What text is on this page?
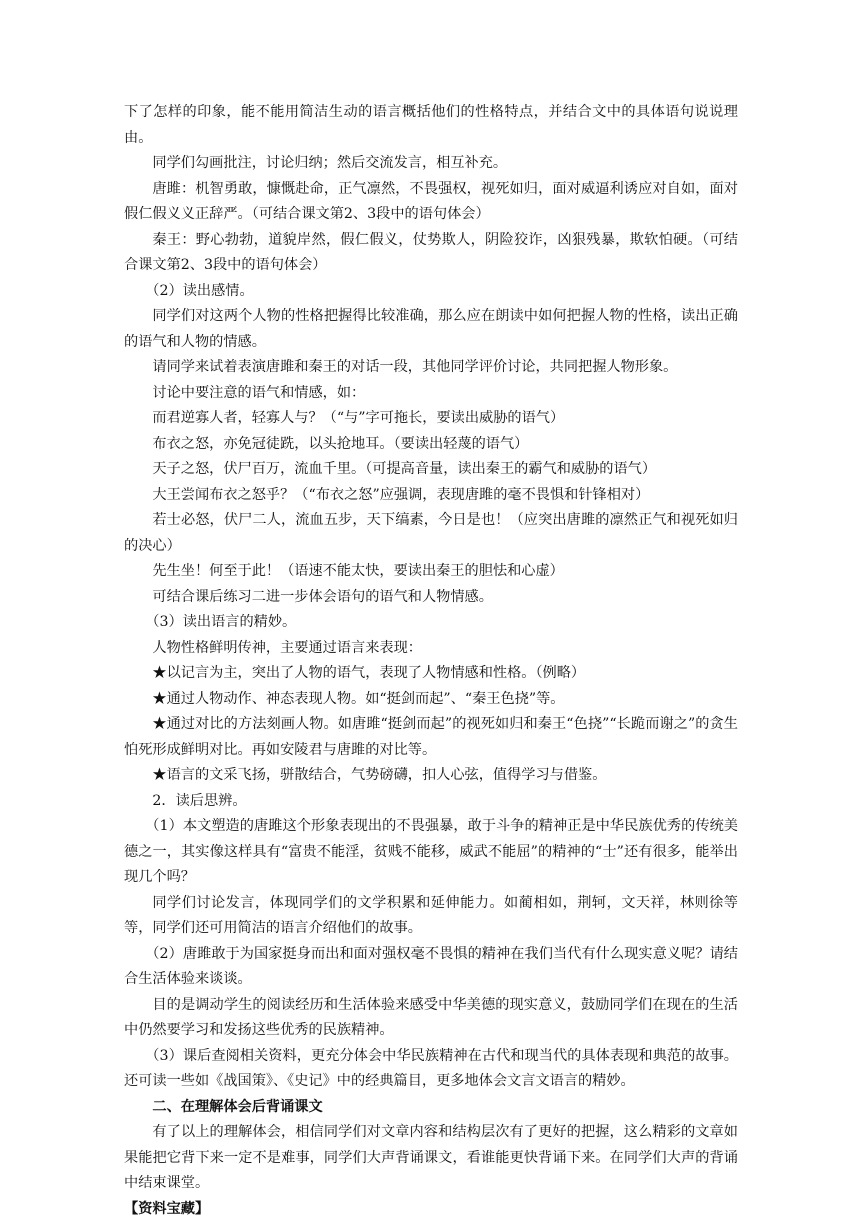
下了怎样的印象，能不能用简洁生动的语言概括他们的性格特点，并结合文中的具体语句说说理由。

同学们勾画批注，讨论归纳；然后交流发言，相互补充。

唐雎：机智勇敢，慷慨赴命，正气凛然，不畏强权，视死如归，面对威逼利诱应对自如，面对假仁假义义正辞严。（可结合课文第2、3段中的语句体会）

秦王：野心勃勃，道貌岸然，假仁假义，仗势欺人，阴险狡诈，凶狠残暴，欺软怕硬。（可结合课文第2、3段中的语句体会）

（2）读出感情。

同学们对这两个人物的性格把握得比较准确，那么应在朗读中如何把握人物的性格，读出正确的语气和人物的情感。

请同学来试着表演唐雎和秦王的对话一段，其他同学评价讨论，共同把握人物形象。

讨论中要注意的语气和情感，如：

而君逆寡人者，轻寡人与？（“与”字可拖长，要读出威胁的语气）

布衣之怒，亦免冠徒跣，以头抢地耳。（要读出轻蔑的语气）

天子之怒，伏尸百万，流血千里。（可提高音量，读出秦王的霸气和威胁的语气）

大王尝闻布衣之怒乎？（“布衣之怒”应强调，表现唐雎的毫不畏惧和针锋相对）

若士必怒，伏尸二人，流血五步，天下缟素，今日是也！（应突出唐雎的凛然正气和视死如归的决心）

先生坐！何至于此！（语速不能太快，要读出秦王的胆怯和心虚）

可结合课后练习二进一步体会语句的语气和人物情感。

（3）读出语言的精妙。

人物性格鲜明传神，主要通过语言来表现：

★以记言为主，突出了人物的语气，表现了人物情感和性格。（例略）

★通过人物动作、神态表现人物。如“挺剑而起”、“秦王色挠”等。

★通过对比的方法刻画人物。如唐雎“挺剑而起”的视死如归和秦王“色挠”“长跪而谢之”的贪生怕死形成鲜明对比。再如安陵君与唐雎的对比等。

★语言的文采飞扬，骈散结合，气势磅礴，扣人心弦，值得学习与借鉴。

2．读后思辨。

（1）本文塑造的唐雎这个形象表现出的不畏强暴，敢于斗争的精神正是中华民族优秀的传统美德之一，其实像这样具有“富贵不能淫，贫贱不能移，威武不能屈”的精神的“士”还有很多，能举出现几个吗？

同学们讨论发言，体现同学们的文学积累和延伸能力。如蔺相如，荆轲，文天祥，林则徐等等，同学们还可用简洁的语言介绍他们的故事。

（2）唐雎敢于为国家挺身而出和面对强权毫不畏惧的精神在我们当代有什么现实意义呢？请结合生活体验来谈谈。

目的是调动学生的阅读经历和生活体验来感受中华美德的现实意义，鼓励同学们在现在的生活中仍然要学习和发扬这些优秀的民族精神。

（3）课后查阅相关资料，更充分体会中华民族精神在古代和现当代的具体表现和典范的故事。还可读一些如《战国策》、《史记》中的经典篇目，更多地体会文言文语言的精妙。

二、在理解体会后背诵课文

有了以上的理解体会，相信同学们对文章内容和结构层次有了更好的把握，这么精彩的文章如果能把它背下来一定不是难事，同学们大声背诵课文，看谁能更快背诵下来。在同学们大声的背诵中结束课堂。

【资料宝藏】
